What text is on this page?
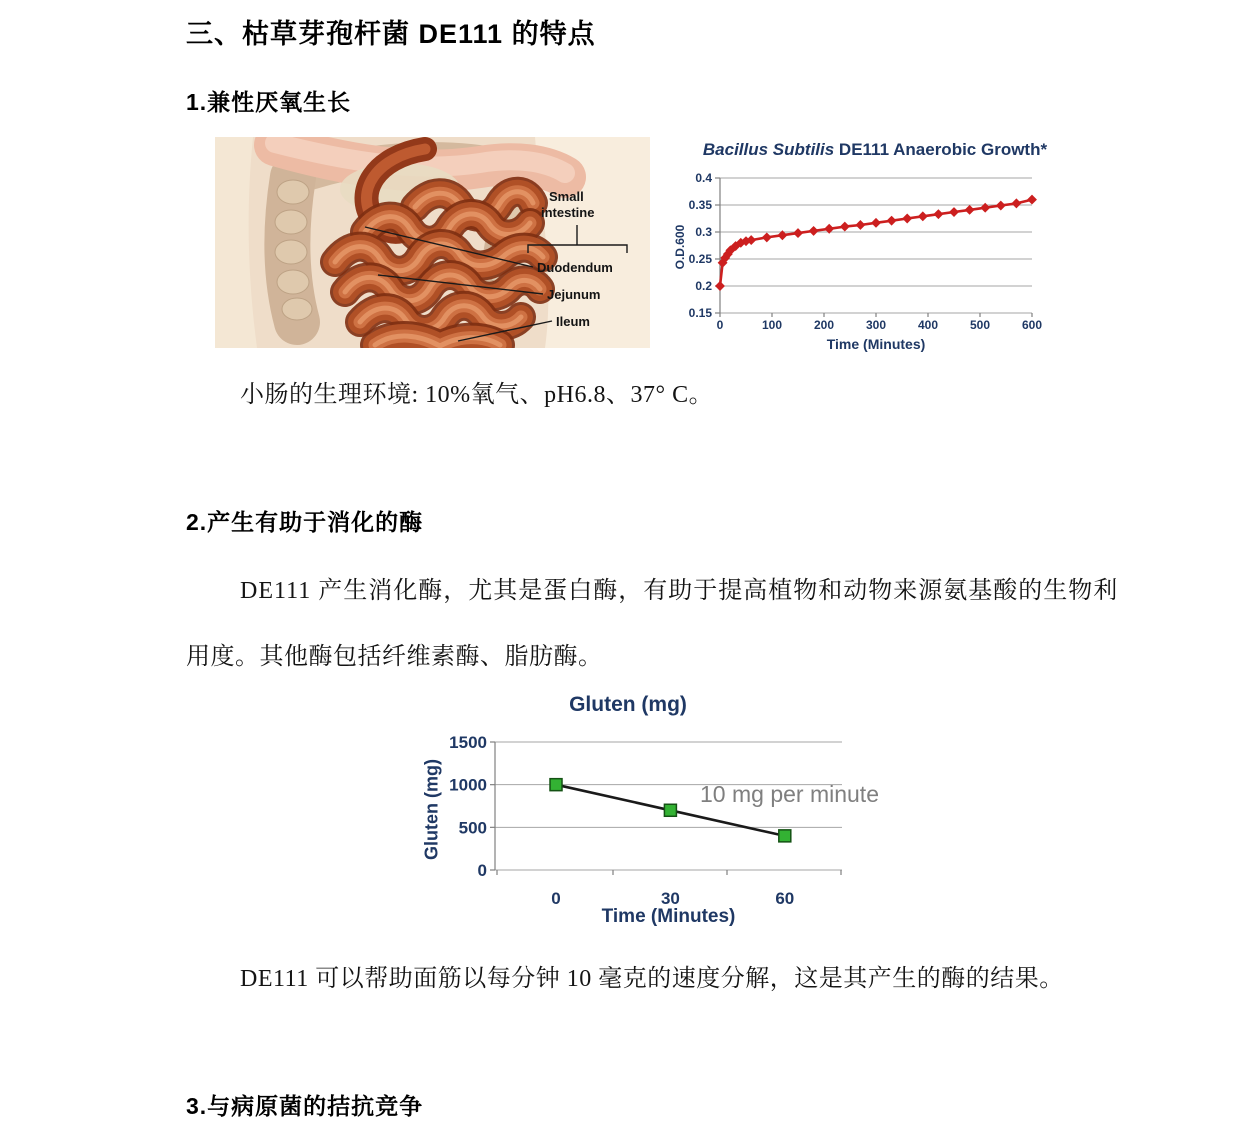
三、枯草芽孢杆菌 DE111 的特点
1.兼性厌氧生长
Small
intestine
Duodendum
Jejunum
Ileum
Bacillus Subtilis DE111 Anaerobic Growth*
O.D.600
0.15
0.2
0.25
0.3
0.35
0.4
0	100	200	300	400	500	600
Time (Minutes)
小肠的生理环境: 10%氧气、pH6.8、37° C。
2.产生有助于消化的酶
DE111 产生消化酶，尤其是蛋白酶，有助于提高植物和动物来源氨基酸的生物利
用度。其他酶包括纤维素酶、脂肪酶。
Gluten (mg)
Gluten (mg)
0
500
1000
1500
0	30	60
10 mg per minute
Time (Minutes)
DE111 可以帮助面筋以每分钟 10 毫克的速度分解，这是其产生的酶的结果。
3.与病原菌的拮抗竞争
